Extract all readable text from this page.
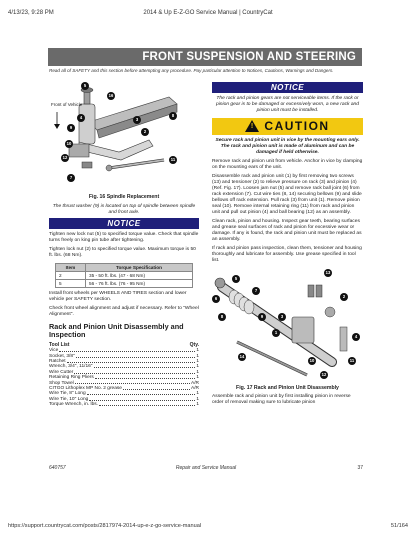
4/13/23, 9:28 PM	2014 & Up E-Z-GO Service Manual | CountryCat
FRONT SUSPENSION AND STEERING
Read all of SAFETY and this section before attempting any procedure. Pay particular attention to Notices, Cautions, Warnings and Dangers.
Front of Vehicle
16
5
4
9
3
8
2
10
12
7
11
Fig. 16 Spindle Replacement
The thrust washer (9) is located on top of spindle between spindle and front axle.
NOTICE
Tighten new lock nut (5) to specified torque value. Check that spindle turns freely on king pin tube after tightening.
Tighten lock nut (2) to specified torque value. Maximum torque is 50 ft. lbs. (68 Nm).
Item	Torque Specification
2	35 - 50 ft. lbs. (47 - 68 Nm)
5	56 - 76 ft. lbs. (76 - 95 Nm)
Install front wheels per WHEELS AND TIRES section and lower vehicle per SAFETY section.
Check front wheel alignment and adjust if necessary. Refer to "Wheel Alignment".
Rack and Pinion Unit Disassembly and Inspection
Tool List	Qty.
Vice	1
Socket, 3/8"	1
Ratchet	1
Wrench, 3/4", 11/16"	1
Wire Cutter	1
Retaining Ring Pliers	1
Shop Towel	A/R
CITGO Lithoplex MP No. 2 grease	A/R
Wire Tie, 8" Long	1
Wire Tie, 10" Long	1
Torque Wrench, in. lbs.	1
NOTICE
The rack and pinion gears are not serviceable items. If the rack or pinion gear is to be damaged or excessively worn, a new rack and pinion unit must be installed.
! CAUTION
Secure rack and pinion unit in vice by the mounting ears only. The rack and pinion unit is made of aluminum and can be damaged if held otherwise.
Remove rack and pinion unit from vehicle. Anchor in vice by clamping on the mounting ears of the unit.
Disassemble rack and pinion unit (1) by first removing two screws (13) and tensioner (2) to relieve pressure on rack (3) and pinion (4) (Ref. Fig. 17). Loosen jam nut (5) and remove rack ball joint (6) from rack extension (7). Cut wire ties (8, 14) securing bellows (9) and slide bellows off rack extension. Pull rack (3) from unit (1). Remove pinion seal (10). Remove internal retaining ring (11) from rack and pinion unit and pull out pinion (4) and ball bearing (12) as an assembly.
Clean rack, pinion and housing. Inspect gear teeth, bearing surfaces and grease seal surfaces of rack and pinion for excessive wear or damage. If any is found, the rack and pinion unit must be replaced as an assembly.
If rack and pinion pass inspection, clean them, tensioner and housing thoroughly and lubricate for assembly. Use grease specified in tool list.
13
2
5
6
7
8	9	3
1
14
10	11
12
4
Fig. 17 Rack and Pinion Unit Disassembly
Assemble rack and pinion unit by first installing pinion in reverse order of removal making sure to lubricate pinion
640757	Repair and Service Manual	37
https://support.countrycat.com/posts/2817974-2014-up-e-z-go-service-manual	51/164
